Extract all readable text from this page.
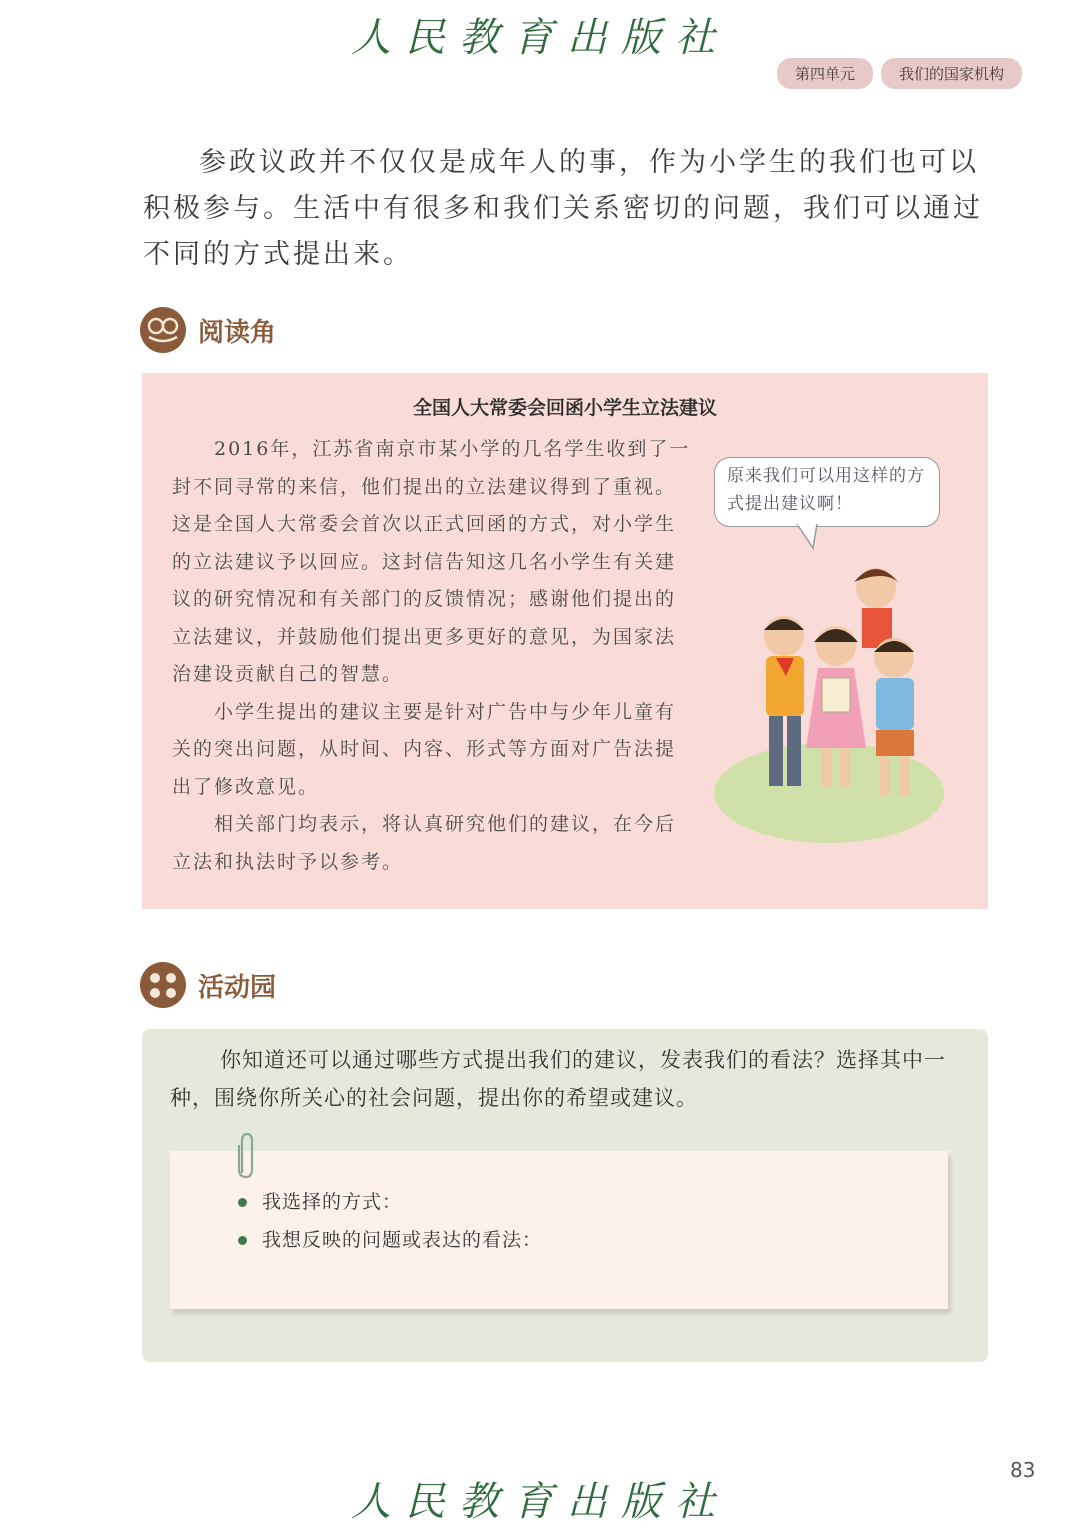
人民教育出版社
第四单元	我们的国家机构

参政议政并不仅仅是成年人的事，作为小学生的我们也可以积极参与。生活中有很多和我们关系密切的问题，我们可以通过不同的方式提出来。

阅读角
全国人大常委会回函小学生立法建议

2016年，江苏省南京市某小学的几名学生收到了一封不同寻常的来信，他们提出的立法建议得到了重视。这是全国人大常委会首次以正式回函的方式，对小学生的立法建议予以回应。这封信告知这几名小学生有关建议的研究情况和有关部门的反馈情况；感谢他们提出的立法建议，并鼓励他们提出更多更好的意见，为国家法治建设贡献自己的智慧。

小学生提出的建议主要是针对广告中与少年儿童有关的突出问题，从时间、内容、形式等方面对广告法提出了修改意见。

相关部门均表示，将认真研究他们的建议，在今后立法和执法时予以参考。

原来我们可以用这样的方式提出建议啊！
活动园

你知道还可以通过哪些方式提出我们的建议，发表我们的看法？选择其中一种，围绕你所关心的社会问题，提出你的希望或建议。

我选择的方式：
我想反映的问题或表达的看法：
83
人民教育出版社
